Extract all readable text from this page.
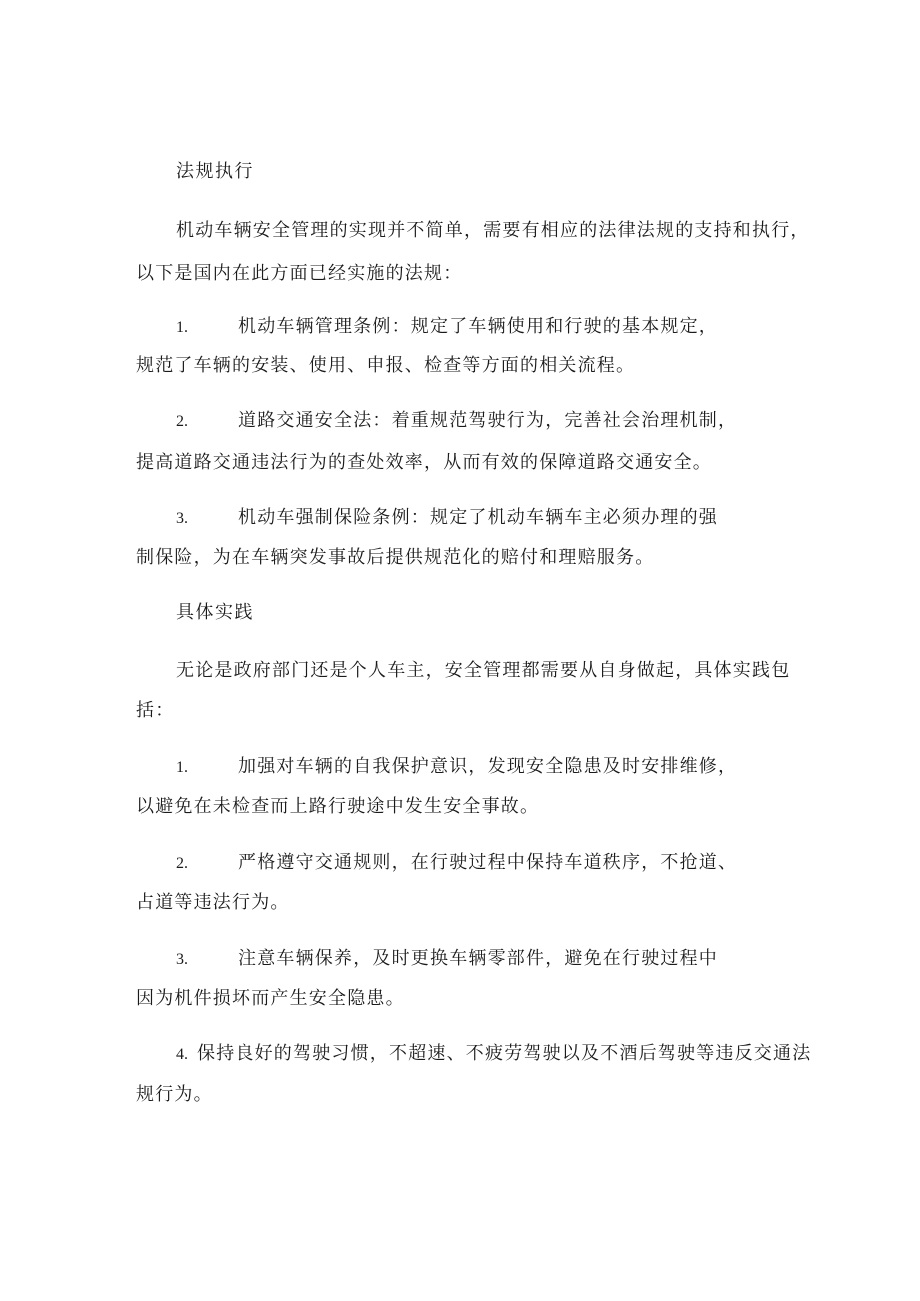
法规执行
机动车辆安全管理的实现并不简单，需要有相应的法律法规的支持和执行，
以下是国内在此方面已经实施的法规：
1.	机动车辆管理条例：规定了车辆使用和行驶的基本规定，
规范了车辆的安装、使用、申报、检查等方面的相关流程。
2.	道路交通安全法：着重规范驾驶行为，完善社会治理机制，
提高道路交通违法行为的查处效率，从而有效的保障道路交通安全。
3.	机动车强制保险条例：规定了机动车辆车主必须办理的强
制保险，为在车辆突发事故后提供规范化的赔付和理赔服务。
具体实践
无论是政府部门还是个人车主，安全管理都需要从自身做起，具体实践包
括：
1.	加强对车辆的自我保护意识，发现安全隐患及时安排维修，
以避免在未检查而上路行驶途中发生安全事故。
2.	严格遵守交通规则，在行驶过程中保持车道秩序，不抢道、
占道等违法行为。
3.	注意车辆保养，及时更换车辆零部件，避免在行驶过程中
因为机件损坏而产生安全隐患。
4. 保持良好的驾驶习惯，不超速、不疲劳驾驶以及不酒后驾驶等违反交通法
规行为。
